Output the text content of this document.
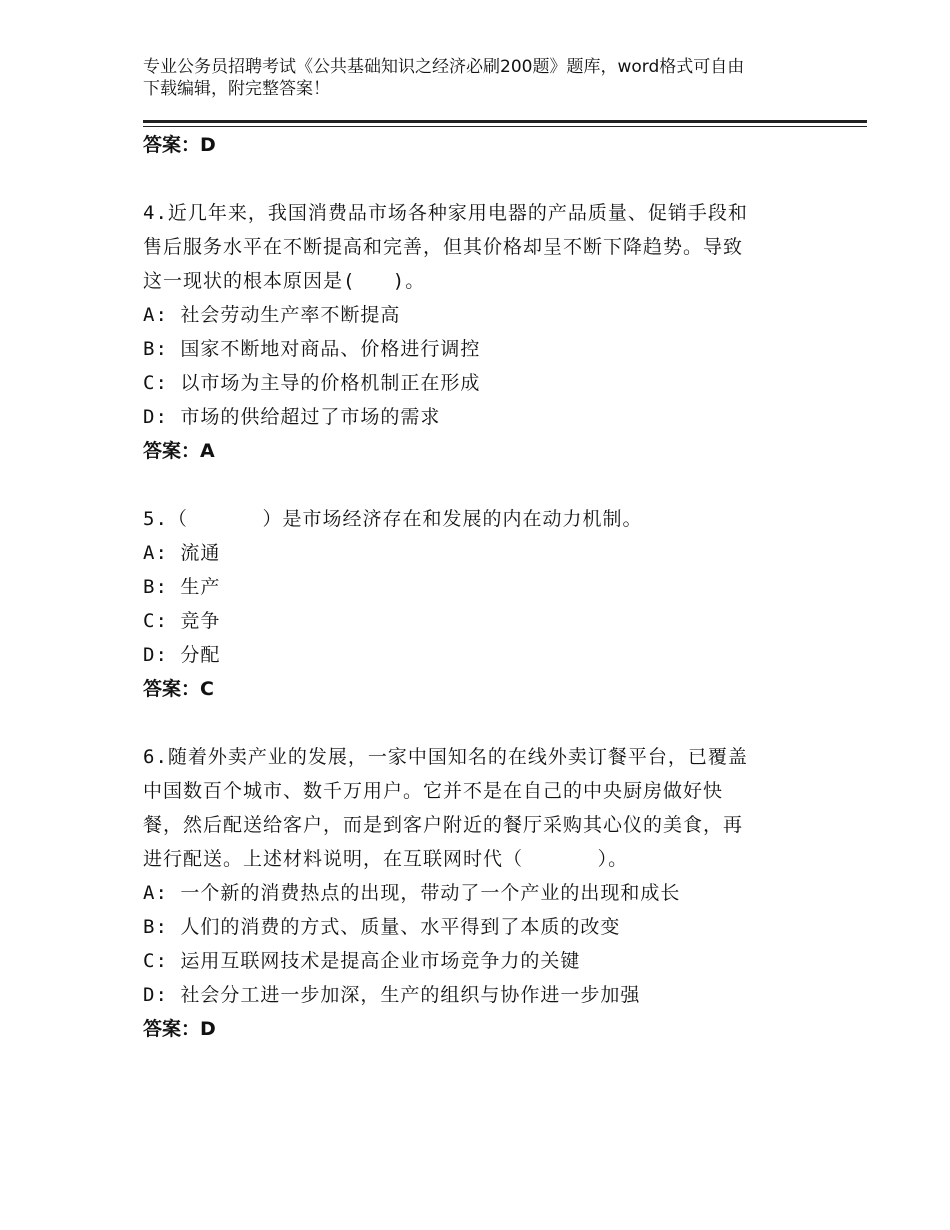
专业公务员招聘考试《公共基础知识之经济必刷200题》题库，word格式可自由
下载编辑，附完整答案！
答案：D
4.近几年来，我国消费品市场各种家用电器的产品质量、促销手段和
售后服务水平在不断提高和完善，但其价格却呈不断下降趋势。导致
这一现状的根本原因是(   )。
A: 社会劳动生产率不断提高
B: 国家不断地对商品、价格进行调控
C: 以市场为主导的价格机制正在形成
D: 市场的供给超过了市场的需求
答案：A
5.（      ）是市场经济存在和发展的内在动力机制。
A: 流通
B: 生产
C: 竞争
D: 分配
答案：C
6.随着外卖产业的发展，一家中国知名的在线外卖订餐平台，已覆盖
中国数百个城市、数千万用户。它并不是在自己的中央厨房做好快
餐，然后配送给客户，而是到客户附近的餐厅采购其心仪的美食，再
进行配送。上述材料说明，在互联网时代（      ）。
A: 一个新的消费热点的出现，带动了一个产业的出现和成长
B: 人们的消费的方式、质量、水平得到了本质的改变
C: 运用互联网技术是提高企业市场竞争力的关键
D: 社会分工进一步加深，生产的组织与协作进一步加强
答案：D
